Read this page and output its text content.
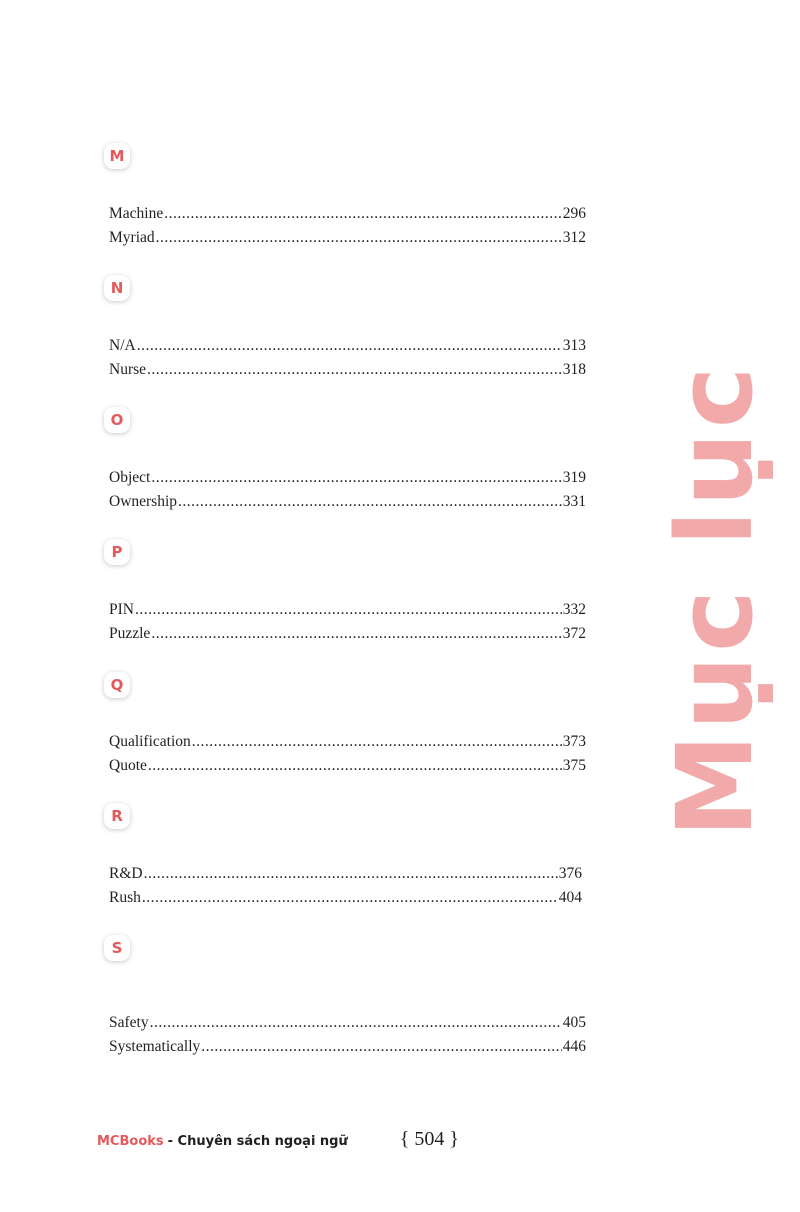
M
Machine .....	296
Myriad .....	312
N
N/A .....	313
Nurse .....	318
O
Object .....	319
Ownership .....	331
P
PIN .....	332
Puzzle .....	372
Q
Qualification .....	373
Quote .....	375
R
R&D .....	376
Rush .....	404
S
Safety .....	405
Systematically .....	446
Mục lục
MCBooks - Chuyên sách ngoại ngữ	{ 504 }
